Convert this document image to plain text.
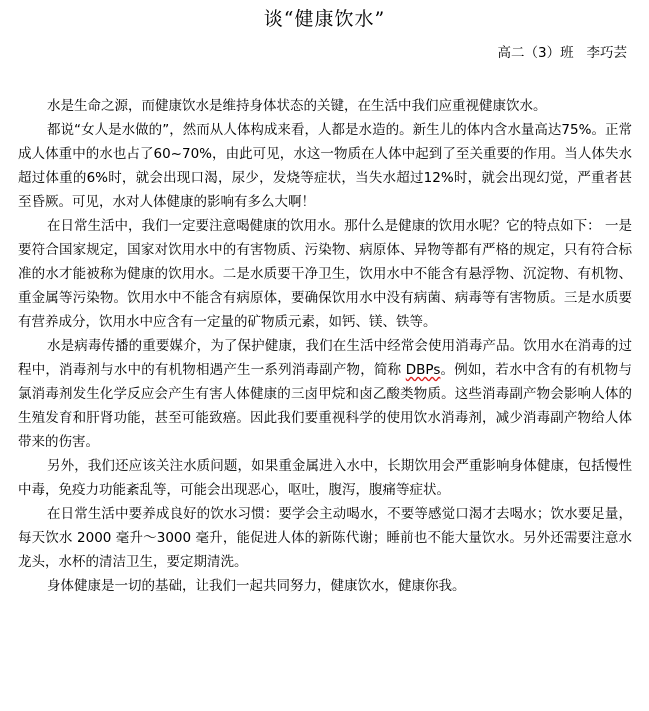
谈“健康饮水”
高二（3）班   李巧芸

水是生命之源，而健康饮水是维持身体状态的关键，在生活中我们应重视健康饮水。

都说“女人是水做的”，然而从人体构成来看，人都是水造的。新生儿的体内含水量高达75%。正常成人体重中的水也占了60~70%，由此可见，水这一物质在人体中起到了至关重要的作用。当人体失水超过体重的6%时，就会出现口渴，尿少，发烧等症状，当失水超过12%时，就会出现幻觉，严重者甚至昏厥。可见，水对人体健康的影响有多么大啊！

在日常生活中，我们一定要注意喝健康的饮用水。那什么是健康的饮用水呢？它的特点如下： 一是要符合国家规定，国家对饮用水中的有害物质、污染物、病原体、异物等都有严格的规定，只有符合标准的水才能被称为健康的饮用水。二是水质要干净卫生，饮用水中不能含有悬浮物、沉淀物、有机物、重金属等污染物。饮用水中不能含有病原体，要确保饮用水中没有病菌、病毒等有害物质。三是水质要有营养成分，饮用水中应含有一定量的矿物质元素，如钙、镁、铁等。

水是病毒传播的重要媒介，为了保护健康，我们在生活中经常会使用消毒产品。饮用水在消毒的过程中，消毒剂与水中的有机物相遇产生一系列消毒副产物，简称 DBPs。例如，若水中含有的有机物与氯消毒剂发生化学反应会产生有害人体健康的三卤甲烷和卤乙酸类物质。这些消毒副产物会影响人体的生殖发育和肝肾功能，甚至可能致癌。因此我们要重视科学的使用饮水消毒剂，减少消毒副产物给人体带来的伤害。

另外，我们还应该关注水质问题，如果重金属进入水中，长期饮用会严重影响身体健康，包括慢性中毒，免疫力功能紊乱等，可能会出现恶心，呕吐，腹泻，腹痛等症状。

在日常生活中要养成良好的饮水习惯：要学会主动喝水，不要等感觉口渴才去喝水；饮水要足量，每天饮水 2000 毫升～3000 毫升，能促进人体的新陈代谢；睡前也不能大量饮水。另外还需要注意水龙头，水杯的清洁卫生，要定期清洗。

身体健康是一切的基础，让我们一起共同努力，健康饮水，健康你我。
